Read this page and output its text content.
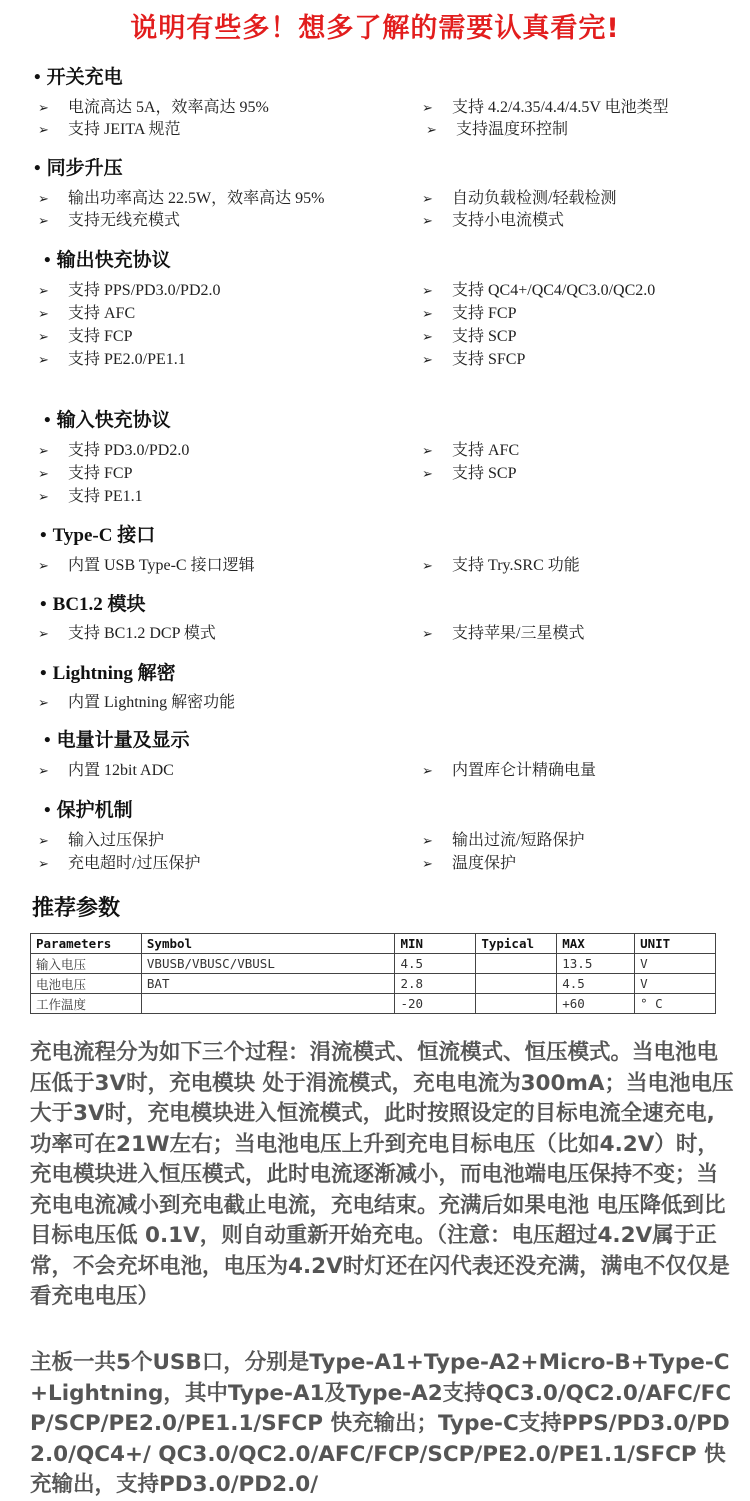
说明有些多！想多了解的需要认真看完!
• 开关充电
➢ 电流高达 5A，效率高达 95%	➢ 支持 4.2/4.35/4.4/4.5V 电池类型
➢ 支持 JEITA 规范	➢ 支持温度环控制
• 同步升压
➢ 输出功率高达 22.5W，效率高达 95%	➢ 自动负载检测/轻载检测
➢ 支持无线充模式	➢ 支持小电流模式
• 输出快充协议
➢ 支持 PPS/PD3.0/PD2.0	➢ 支持 QC4+/QC4/QC3.0/QC2.0
➢ 支持 AFC	➢ 支持 FCP
➢ 支持 FCP	➢ 支持 SCP
➢ 支持 PE2.0/PE1.1	➢ 支持 SFCP
• 输入快充协议
➢ 支持 PD3.0/PD2.0	➢ 支持 AFC
➢ 支持 FCP	➢ 支持 SCP
➢ 支持 PE1.1
• Type-C 接口
➢ 内置 USB Type-C 接口逻辑	➢ 支持 Try.SRC 功能
• BC1.2 模块
➢ 支持 BC1.2 DCP 模式	➢ 支持苹果/三星模式
• Lightning 解密
➢ 内置 Lightning 解密功能
• 电量计量及显示
➢ 内置 12bit ADC	➢ 内置库仑计精确电量
• 保护机制
➢ 输入过压保护	➢ 输出过流/短路保护
➢ 充电超时/过压保护	➢ 温度保护
推荐参数
Parameters	Symbol	MIN	Typical	MAX	UNIT
输入电压	VBUSB/VBUSC/VBUSL	4.5		13.5	V
电池电压	BAT	2.8		4.5	V
工作温度		-20		+60	° C
充电流程分为如下三个过程：涓流模式、恒流模式、恒压模式。当电池电压低于3V时，充电模块 处于涓流模式，充电电流为300mA；当电池电压大于3V时，充电模块进入恒流模式，此时按照设定的目标电流全速充电,功率可在21W左右；当电池电压上升到充电目标电压（比如4.2V）时，充电模块进入恒压模式，此时电流逐渐减小，而电池端电压保持不变；当充电电流减小到充电截止电流，充电结束。充满后如果电池 电压降低到比目标电压低 0.1V，则自动重新开始充电。（注意：电压超过4.2V属于正常，不会充坏电池，电压为4.2V时灯还在闪代表还没充满，满电不仅仅是看充电电压）
主板一共5个USB口，分别是Type-A1+Type-A2+Micro-B+Type-C+Lightning，其中Type-A1及Type-A2支持QC3.0/QC2.0/AFC/FCP/SCP/PE2.0/PE1.1/SFCP 快充输出；Type-C支持PPS/PD3.0/PD2.0/QC4+/ QC3.0/QC2.0/AFC/FCP/SCP/PE2.0/PE1.1/SFCP 快充输出，支持PD3.0/PD2.0/
